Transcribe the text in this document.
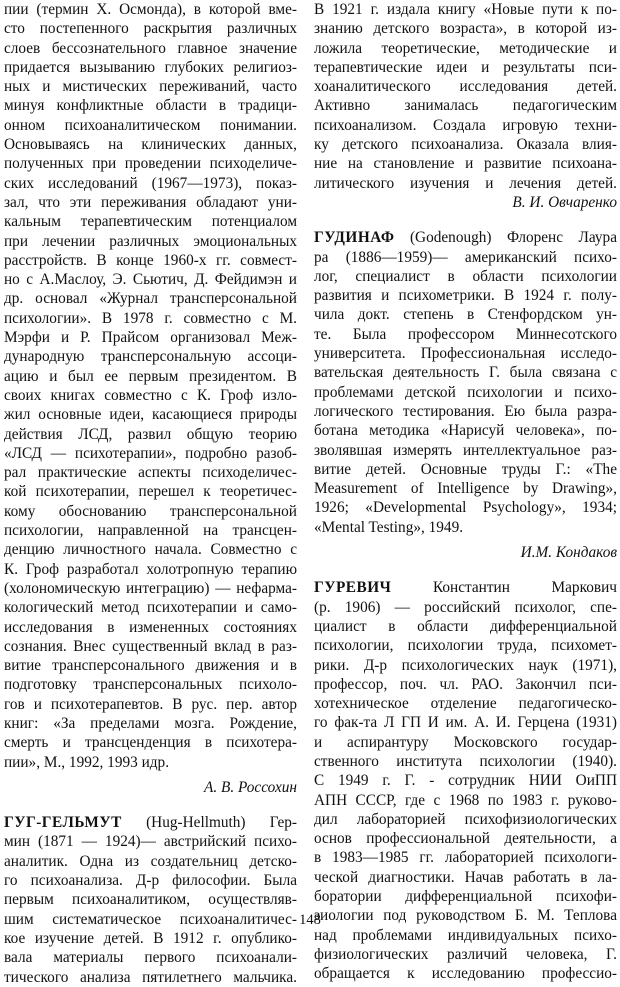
пии (термин Х. Осмонда), в которой вме-
сто постепенного раскрытия различных
слоев бессознательного главное значение
придается вызыванию глубоких религиоз-
ных и мистических переживаний, часто
минуя конфликтные области в традици-
онном психоаналитическом понимании.
Основываясь на клинических данных,
полученных при проведении психоделиче-
ских исследований (1967—1973), показ-
зал, что эти переживания обладают уни-
кальным терапевтическим потенциалом
при лечении различных эмоциональных
расстройств. В конце 1960-х гг. совмест-
но с А.Маслоу, Э. Сьютич, Д. Фейдимэн и
др. основал «Журнал трансперсональной
психологии». В 1978 г. совместно с М.
Мэрфи и Р. Прайсом организовал Меж-
дународную трансперсональную ассоци-
ацию и был ее первым президентом. В
своих книгах совместно с К. Гроф изло-
жил основные идеи, касающиеся природы
действия ЛСД, развил общую теорию
«ЛСД — психотерапии», подробно разоб-
рал практические аспекты психоделичес-
кой психотерапии, перешел к теоретичес-
кому обоснованию трансперсональной
психологии, направленной на трансцен-
денцию личностного начала. Совместно с
К. Гроф разработал холотропную терапию
(холономическую интеграцию) — нефарма-
кологический метод психотерапии и само-
исследования в измененных состояниях
сознания. Внес существенный вклад в раз-
витие трансперсонального движения и в
подготовку трансперсональных психоло-
гов и психотерапевтов. В рус. пер. автор
книг: «За пределами мозга. Рождение,
смерть и трансценденция в психотера-
пии», М., 1992, 1993 идр.
А. В. Россохин
ГУГ-ГЕЛЬМУТ (Hug-Hellmuth) Гер-
мин (1871 — 1924)— австрийский психо-
аналитик. Одна из создательниц детско-
го психоанализа. Д-р философии. Была
первым психоаналитиком, осуществляв-
шим систематическое психоаналитичес-
кое изучение детей. В 1912 г. опублико-
вала материалы первого психоанали-
тического анализа пятилетнего мальчика.
В 1921 г. издала книгу «Новые пути к по-
знанию детского возраста», в которой из-
ложила теоретические, методические и
терапевтические идеи и результаты пси-
хоаналитического исследования детей.
Активно занималась педагогическим
психоанализом. Создала игровую техни-
ку детского психоанализа. Оказала влия-
ние на становление и развитие психоана-
литического изучения и лечения детей.
В. И. Овчаренко
ГУДИНАФ (Godenough) Флоренс Лаура
ра (1886—1959)— американский психо-
лог, специалист в области психологии
развития и психометрики. В 1924 г. полу-
чила докт. степень в Стенфордском ун-
те. Была профессором Миннесотского
университета. Профессиональная исследо-
вательская деятельность Г. была связана с
проблемами детской психологии и психо-
логического тестирования. Ею была разра-
ботана методика «Нарисуй человека», по-
зволявшая измерять интеллектуальное раз-
витие детей. Основные труды Г.: «The
Measurement of Intelligence by Drawing»,
1926; «Developmental Psychology», 1934;
«Mental Testing», 1949.
И.М. Кондаков
ГУРЕВИЧ Константин Маркович
(р. 1906) — российский психолог, спе-
циалист в области дифференциальной
психологии, психологии труда, психомет-
рики. Д-р психологических наук (1971),
профессор, поч. чл. РАО. Закончил пси-
хотехническое отделение педагогическо-
го фак-та Л ГП И им. А. И. Герцена (1931)
и аспирантуру Московского государ-
ственного института психологии (1940).
С 1949 г. Г. - сотрудник НИИ ОиПП
АПН СССР, где с 1968 по 1983 г. руково-
дил лабораторией психофизиологических
основ профессиональной деятельности, а
в 1983—1985 гг. лабораторией психологи-
ческой диагностики. Начав работать в ла-
боратории дифференциальной психофи-
зиологии под руководством Б. М. Теплова
над проблемами индивидуальных психо-
физиологических различий человека, Г.
обращается к исследованию профессио-
148
